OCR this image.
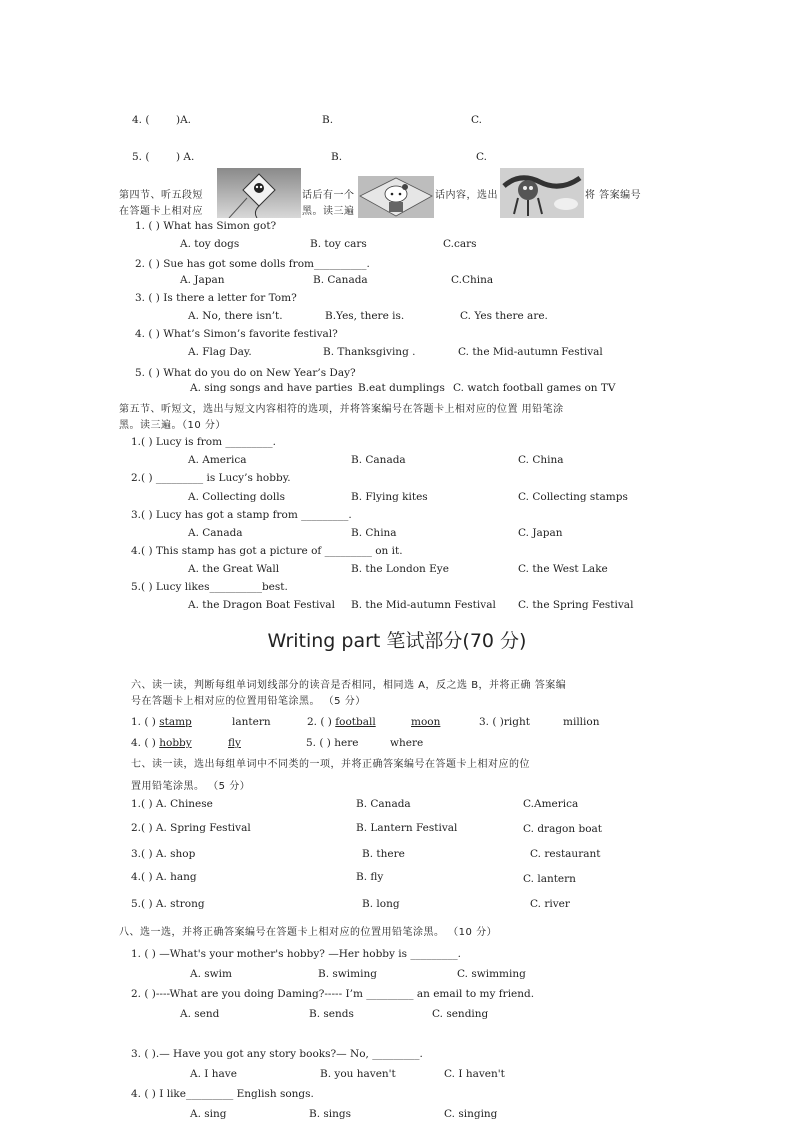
4. (	)A.	B.	C.
5. (	) A.	B.	C.
第四节、听五段短	话后有一个	话内容，选出	将 答案编号
在答题卡上相对应	黑。读三遍
1. ( ) What has Simon got?
A. toy dogs	B. toy cars	C.cars
2. ( ) Sue has got some dolls from__________.
A. Japan	B. Canada	C.China
3. ( ) Is there a letter for Tom?
A. No, there isn’t.	B.Yes, there is.	C. Yes there are.
4. ( ) What’s Simon’s favorite festival?
A. Flag Day.	B. Thanksgiving .	C. the Mid-autumn Festival
5. ( ) What do you do on New Year’s Day?
A. sing songs and have parties B.eat dumplings C. watch football games on TV
第五节、听短文，选出与短文内容相符的选项，并将答案编号在答题卡上相对应的位置 用铅笔涂
黑。读三遍。（10 分）
1.( ) Lucy is from _________.
A. America	B. Canada	C. China
2.( ) _________ is Lucy’s hobby.
A. Collecting dolls	B. Flying kites	C. Collecting stamps
3.( ) Lucy has got a stamp from _________.
A. Canada	B. China	C. Japan
4.( ) This stamp has got a picture of _________ on it.
A. the Great Wall	B. the London Eye	C. the West Lake
5.( ) Lucy likes__________best.
A. the Dragon Boat Festival B. the Mid-autumn Festival C. the Spring Festival
Writing part 笔试部分(70 分)
六、读一读，判断每组单词划线部分的读音是否相同，相同选 A，反之选 B，并将正确 答案编
号在答题卡上相对应的位置用铅笔涂黑。 （5 分）
1. ( ) stamp	lantern	2. ( ) football	moon	3. ( )right	million
4. ( ) hobby	fly	5. ( ) here	where
七、读一读，选出每组单词中不同类的一项，并将正确答案编号在答题卡上相对应的位
置用铅笔涂黑。 （5 分）
1.( ) A. Chinese	B. Canada	C.America
2.( ) A. Spring Festival	B. Lantern Festival	C. dragon boat
3.( ) A. shop	B. there	C. restaurant
4.( ) A. hang	B. fly	C. lantern
5.( ) A. strong	B. long	C. river
八、选一选，并将正确答案编号在答题卡上相对应的位置用铅笔涂黑。 （10 分）
1. ( ) —What's your mother's hobby? —Her hobby is _________.
A. swim	B. swiming	C. swimming
2. ( )----What are you doing Daming?----- I’m _________ an email to my friend.
A. send	B. sends	C. sending
3. ( ).— Have you got any story books?— No, _________.
A. I have	B. you haven't	C. I haven't
4. ( ) I like_________ English songs.
A. sing	B. sings	C. singing
